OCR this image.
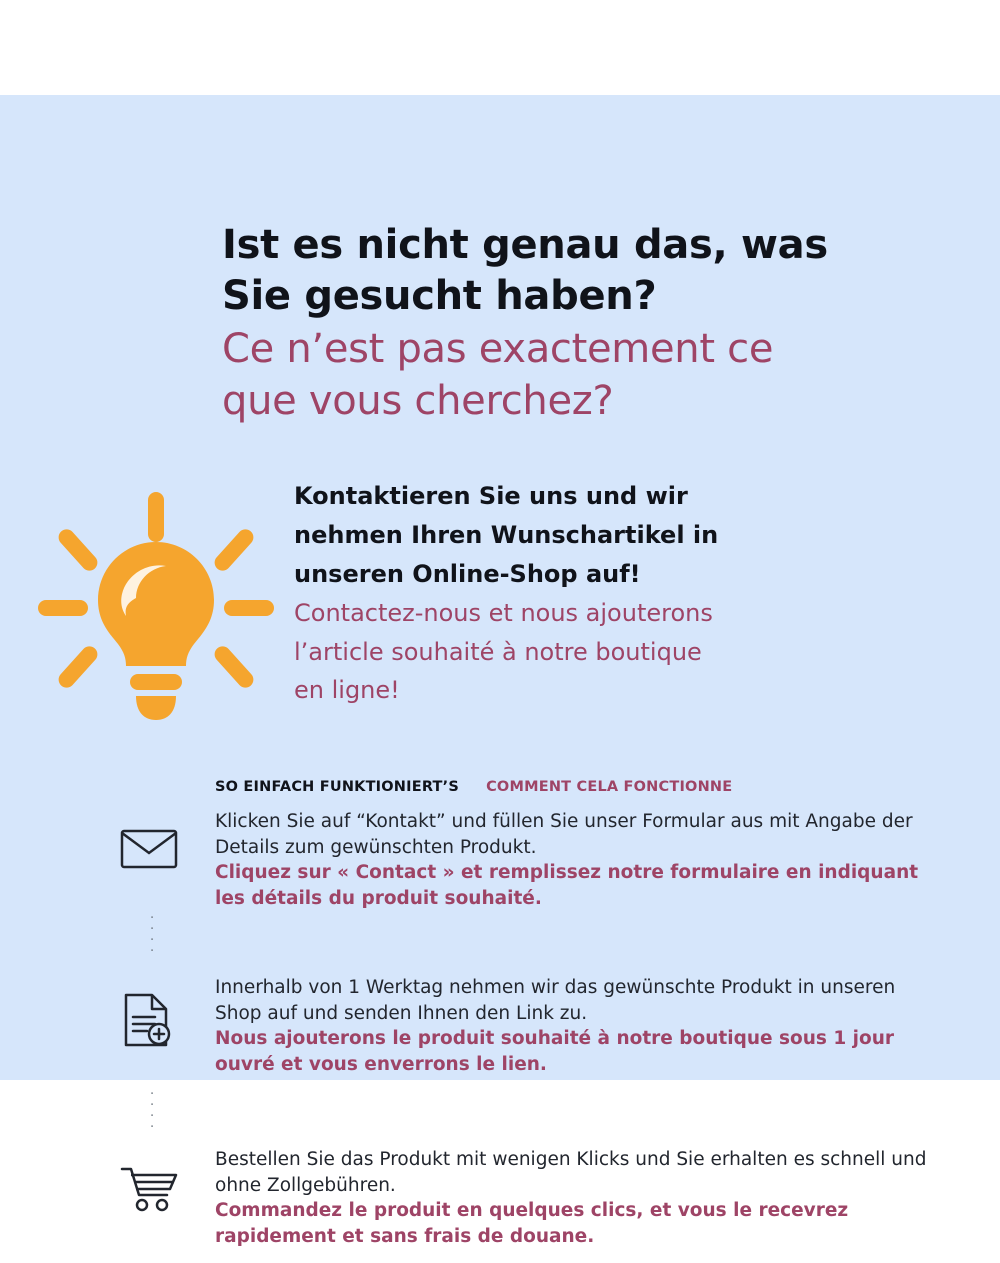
Ist es nicht genau das, was
Sie gesucht haben?
Ce n’est pas exactement ce
que vous cherchez?
Kontaktieren Sie uns und wir
nehmen Ihren Wunschartikel in
unseren Online-Shop auf!
Contactez-nous et nous ajouterons
l’article souhaité à notre boutique
en ligne!
SO EINFACH FUNKTIONIERT’S COMMENT CELA FONCTIONNE
Klicken Sie auf “Kontakt” und füllen Sie unser Formular aus mit Angabe der Details zum gewünschten Produkt.
Cliquez sur « Contact » et remplissez notre formulaire en indiquant les détails du produit souhaité.
·
·
·
·
Innerhalb von 1 Werktag nehmen wir das gewünschte Produkt in unseren Shop auf und senden Ihnen den Link zu.
Nous ajouterons le produit souhaité à notre boutique sous 1 jour ouvré et vous enverrons le lien.
·
·
·
·
Bestellen Sie das Produkt mit wenigen Klicks und Sie erhalten es schnell und ohne Zollgebühren.
Commandez le produit en quelques clics, et vous le recevrez rapidement et sans frais de douane.
